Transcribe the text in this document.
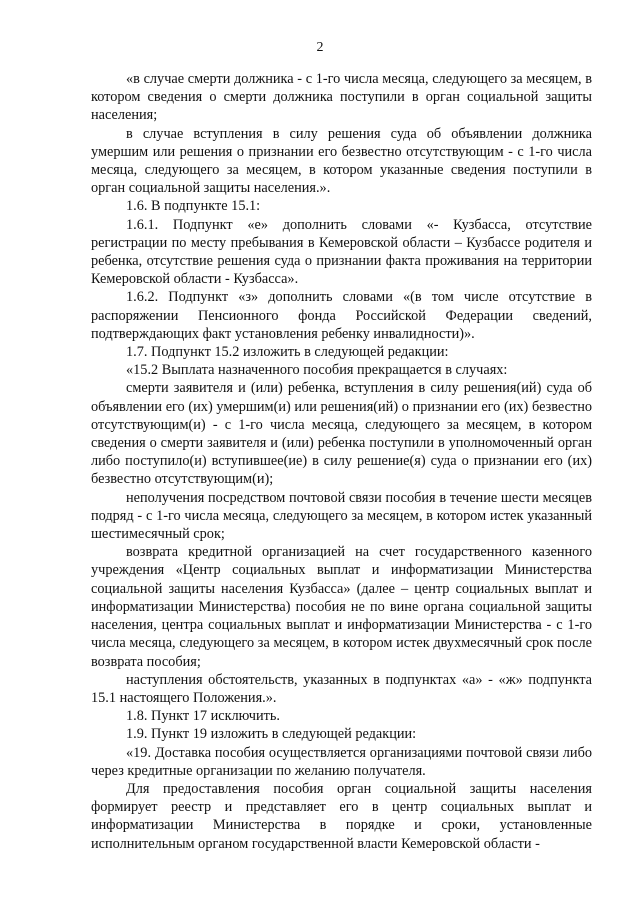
2

«в случае смерти должника - с 1-го числа месяца, следующего за месяцем, в котором сведения о смерти должника поступили в орган социальной защиты населения;

в случае вступления в силу решения суда об объявлении должника умершим или решения о признании его безвестно отсутствующим - с 1-го числа месяца, следующего за месяцем, в котором указанные сведения поступили в орган социальной защиты населения.».

1.6. В подпункте 15.1:

1.6.1. Подпункт «е» дополнить словами «- Кузбасса, отсутствие регистрации по месту пребывания в Кемеровской области – Кузбассе родителя и ребенка, отсутствие решения суда о признании факта проживания на территории Кемеровской области - Кузбасса».

1.6.2. Подпункт «з» дополнить словами «(в том числе отсутствие в распоряжении Пенсионного фонда Российской Федерации сведений, подтверждающих факт установления ребенку инвалидности)».

1.7. Подпункт 15.2 изложить в следующей редакции:

«15.2 Выплата назначенного пособия прекращается в случаях:

смерти заявителя и (или) ребенка, вступления в силу решения(ий) суда об объявлении его (их) умершим(и) или решения(ий) о признании его (их) безвестно отсутствующим(и) - с 1-го числа месяца, следующего за месяцем, в котором сведения о смерти заявителя и (или) ребенка поступили в уполномоченный орган либо поступило(и) вступившее(ие) в силу решение(я) суда о признании его (их) безвестно отсутствующим(и);

неполучения посредством почтовой связи пособия в течение шести месяцев подряд - с 1-го числа месяца, следующего за месяцем, в котором истек указанный шестимесячный срок;

возврата кредитной организацией на счет государственного казенного учреждения «Центр социальных выплат и информатизации Министерства социальной защиты населения Кузбасса» (далее – центр социальных выплат и информатизации Министерства) пособия не по вине органа социальной защиты населения, центра социальных выплат и информатизации Министерства - с 1-го числа месяца, следующего за месяцем, в котором истек двухмесячный срок после возврата пособия;

наступления обстоятельств, указанных в подпунктах «а» - «ж» подпункта 15.1 настоящего Положения.».

1.8. Пункт 17 исключить.

1.9. Пункт 19 изложить в следующей редакции:

«19. Доставка пособия осуществляется организациями почтовой связи либо через кредитные организации по желанию получателя.

Для предоставления пособия орган социальной защиты населения формирует реестр и представляет его в центр социальных выплат и информатизации Министерства в порядке и сроки, установленные исполнительным органом государственной власти Кемеровской области -
